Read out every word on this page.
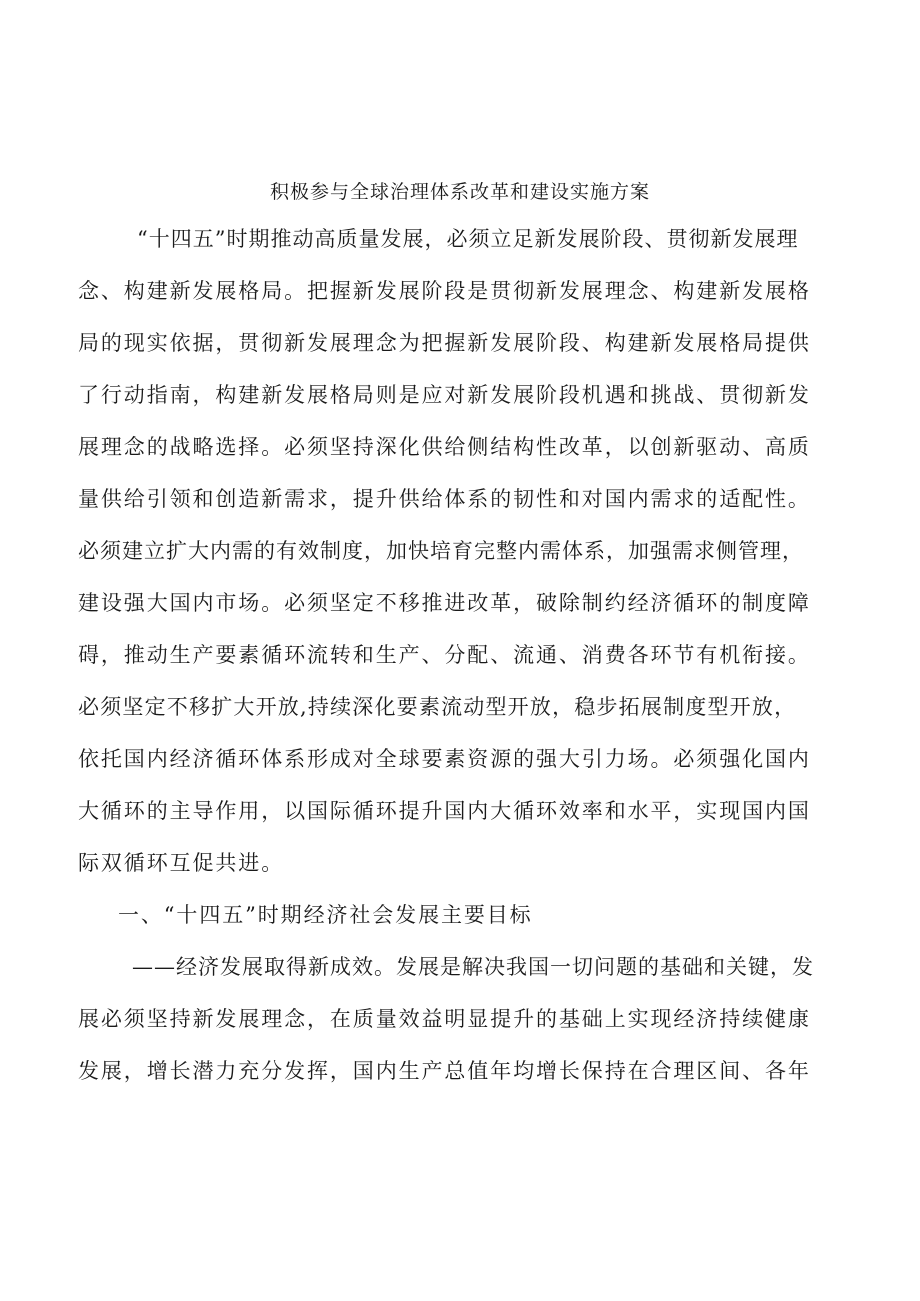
积极参与全球治理体系改革和建设实施方案
“十四五”时期推动高质量发展，必须立足新发展阶段、贯彻新发展理
念、构建新发展格局。把握新发展阶段是贯彻新发展理念、构建新发展格
局的现实依据，贯彻新发展理念为把握新发展阶段、构建新发展格局提供
了行动指南，构建新发展格局则是应对新发展阶段机遇和挑战、贯彻新发
展理念的战略选择。必须坚持深化供给侧结构性改革，以创新驱动、高质
量供给引领和创造新需求，提升供给体系的韧性和对国内需求的适配性。
必须建立扩大内需的有效制度，加快培育完整内需体系，加强需求侧管理，
建设强大国内市场。必须坚定不移推进改革，破除制约经济循环的制度障
碍，推动生产要素循环流转和生产、分配、流通、消费各环节有机衔接。
必须坚定不移扩大开放,持续深化要素流动型开放，稳步拓展制度型开放，
依托国内经济循环体系形成对全球要素资源的强大引力场。必须强化国内
大循环的主导作用，以国际循环提升国内大循环效率和水平，实现国内国
际双循环互促共进。
一、“十四五”时期经济社会发展主要目标
——经济发展取得新成效。发展是解决我国一切问题的基础和关键，发
展必须坚持新发展理念，在质量效益明显提升的基础上实现经济持续健康
发展，增长潜力充分发挥，国内生产总值年均增长保持在合理区间、各年
